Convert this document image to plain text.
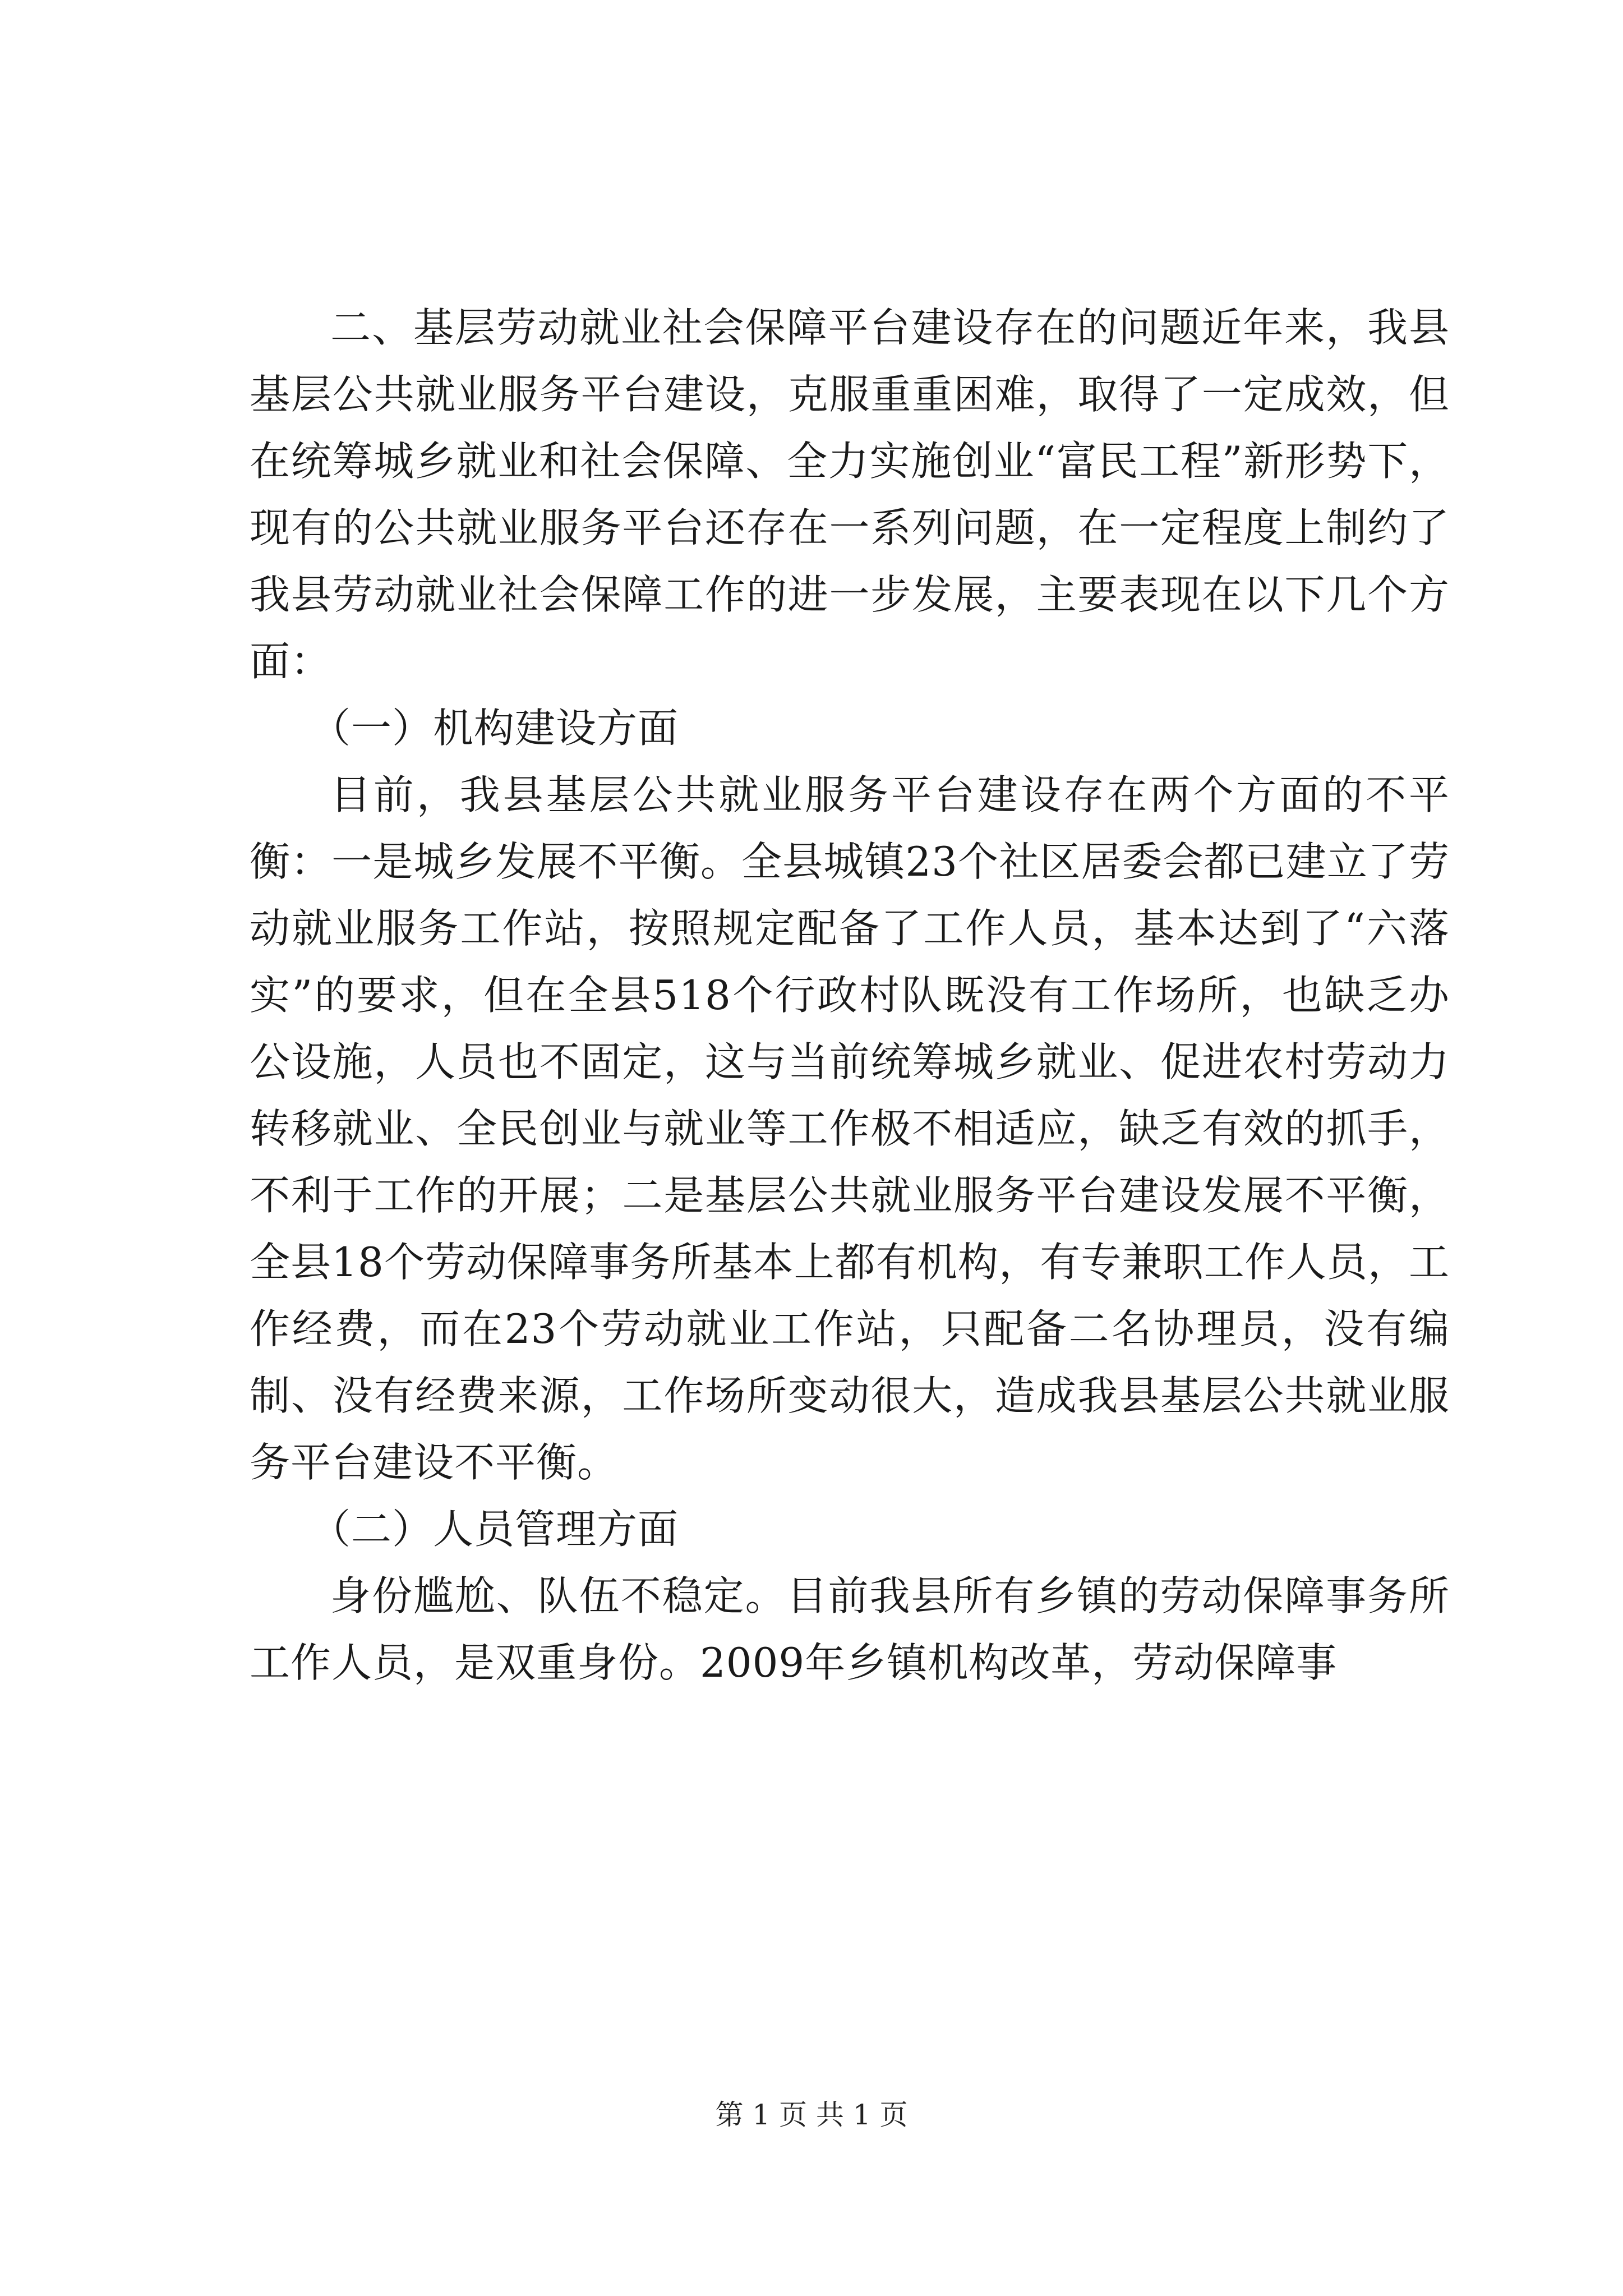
二、基层劳动就业社会保障平台建设存在的问题近年来，我县基层公共就业服务平台建设，克服重重困难，取得了一定成效，但在统筹城乡就业和社会保障、全力实施创业“富民工程”新形势下，现有的公共就业服务平台还存在一系列问题，在一定程度上制约了我县劳动就业社会保障工作的进一步发展，主要表现在以下几个方面：

（一）机构建设方面

目前，我县基层公共就业服务平台建设存在两个方面的不平衡：一是城乡发展不平衡。全县城镇23个社区居委会都已建立了劳动就业服务工作站，按照规定配备了工作人员，基本达到了“六落实”的要求，但在全县518个行政村队既没有工作场所，也缺乏办公设施，人员也不固定，这与当前统筹城乡就业、促进农村劳动力转移就业、全民创业与就业等工作极不相适应，缺乏有效的抓手，不利于工作的开展；二是基层公共就业服务平台建设发展不平衡，全县18个劳动保障事务所基本上都有机构，有专兼职工作人员，工作经费，而在23个劳动就业工作站，只配备二名协理员，没有编制、没有经费来源，工作场所变动很大，造成我县基层公共就业服务平台建设不平衡。

（二）人员管理方面

身份尴尬、队伍不稳定。目前我县所有乡镇的劳动保障事务所工作人员，是双重身份。2009年乡镇机构改革，劳动保障事

第 1 页 共 1 页
